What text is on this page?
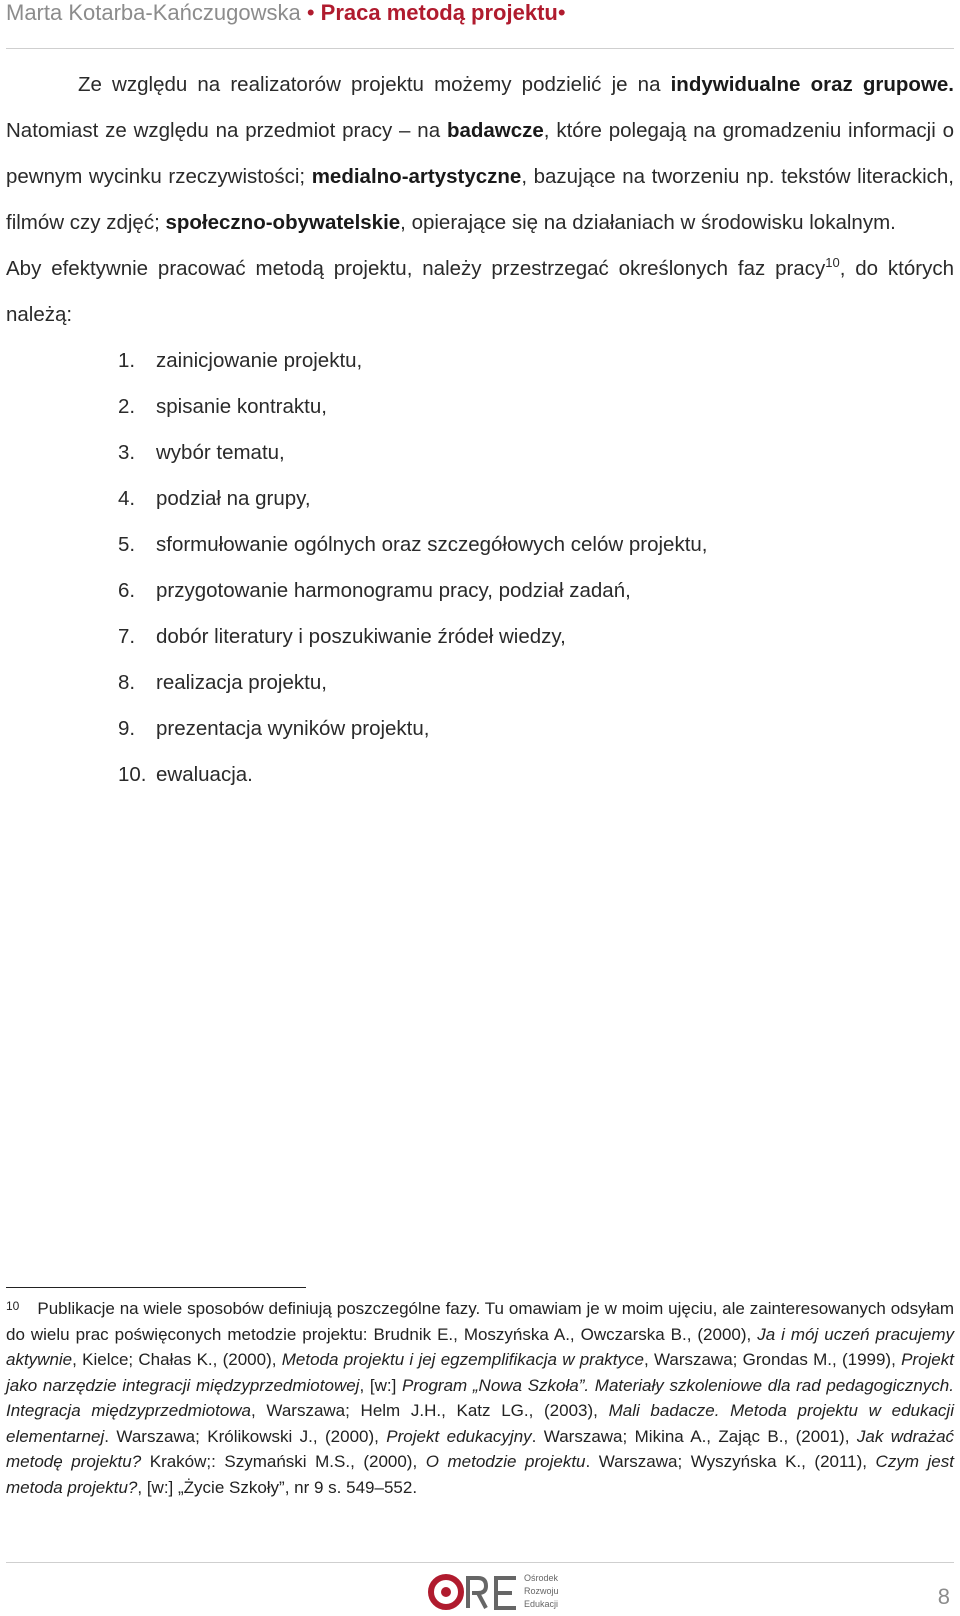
Marta Kotarba-Kańczugowska • Praca metodą projektu•

Ze względu na realizatorów projektu możemy podzielić je na indywidualne oraz grupowe. Natomiast ze względu na przedmiot pracy – na badawcze, które polegają na gromadzeniu informacji o pewnym wycinku rzeczywistości; medialno-artystyczne, bazujące na tworzeniu np. tekstów literackich, filmów czy zdjęć; społeczno-obywatelskie, opierające się na działaniach w środowisku lokalnym.

Aby efektywnie pracować metodą projektu, należy przestrzegać określonych faz pracy$^{10}$, do których należą:

1. zainicjowanie projektu,
2. spisanie kontraktu,
3. wybór tematu,
4. podział na grupy,
5. sformułowanie ogólnych oraz szczegółowych celów projektu,
6. przygotowanie harmonogramu pracy, podział zadań,
7. dobór literatury i poszukiwanie źródeł wiedzy,
8. realizacja projektu,
9. prezentacja wyników projektu,
10. ewaluacja.
$^{10}$ Publikacje na wiele sposobów definiują poszczególne fazy. Tu omawiam je w moim ujęciu, ale zainteresowanych odsyłam do wielu prac poświęconych metodzie projektu: Brudnik E., Moszyńska A., Owczarska B., (2000), Ja i mój uczeń pracujemy aktywnie, Kielce; Chałas K., (2000), Metoda projektu i jej egzemplifikacja w praktyce, Warszawa; Grondas M., (1999), Projekt jako narzędzie integracji międzyprzedmiotowej, [w:] Program „Nowa Szkoła”. Materiały szkoleniowe dla rad pedagogicznych. Integracja międzyprzedmiotowa, Warszawa; Helm J.H., Katz LG., (2003), Mali badacze. Metoda projektu w edukacji elementarnej. Warszawa; Królikowski J., (2000), Projekt edukacyjny. Warszawa; Mikina A., Zając B., (2001), Jak wdrażać metodę projektu? Kraków;: Szymański M.S., (2000), O metodzie projektu. Warszawa; Wyszyńska K., (2011), Czym jest metoda projektu?, [w:] „Życie Szkoły”, nr 9 s. 549–552.
Ośrodek
Rozwoju
Edukacji	8
